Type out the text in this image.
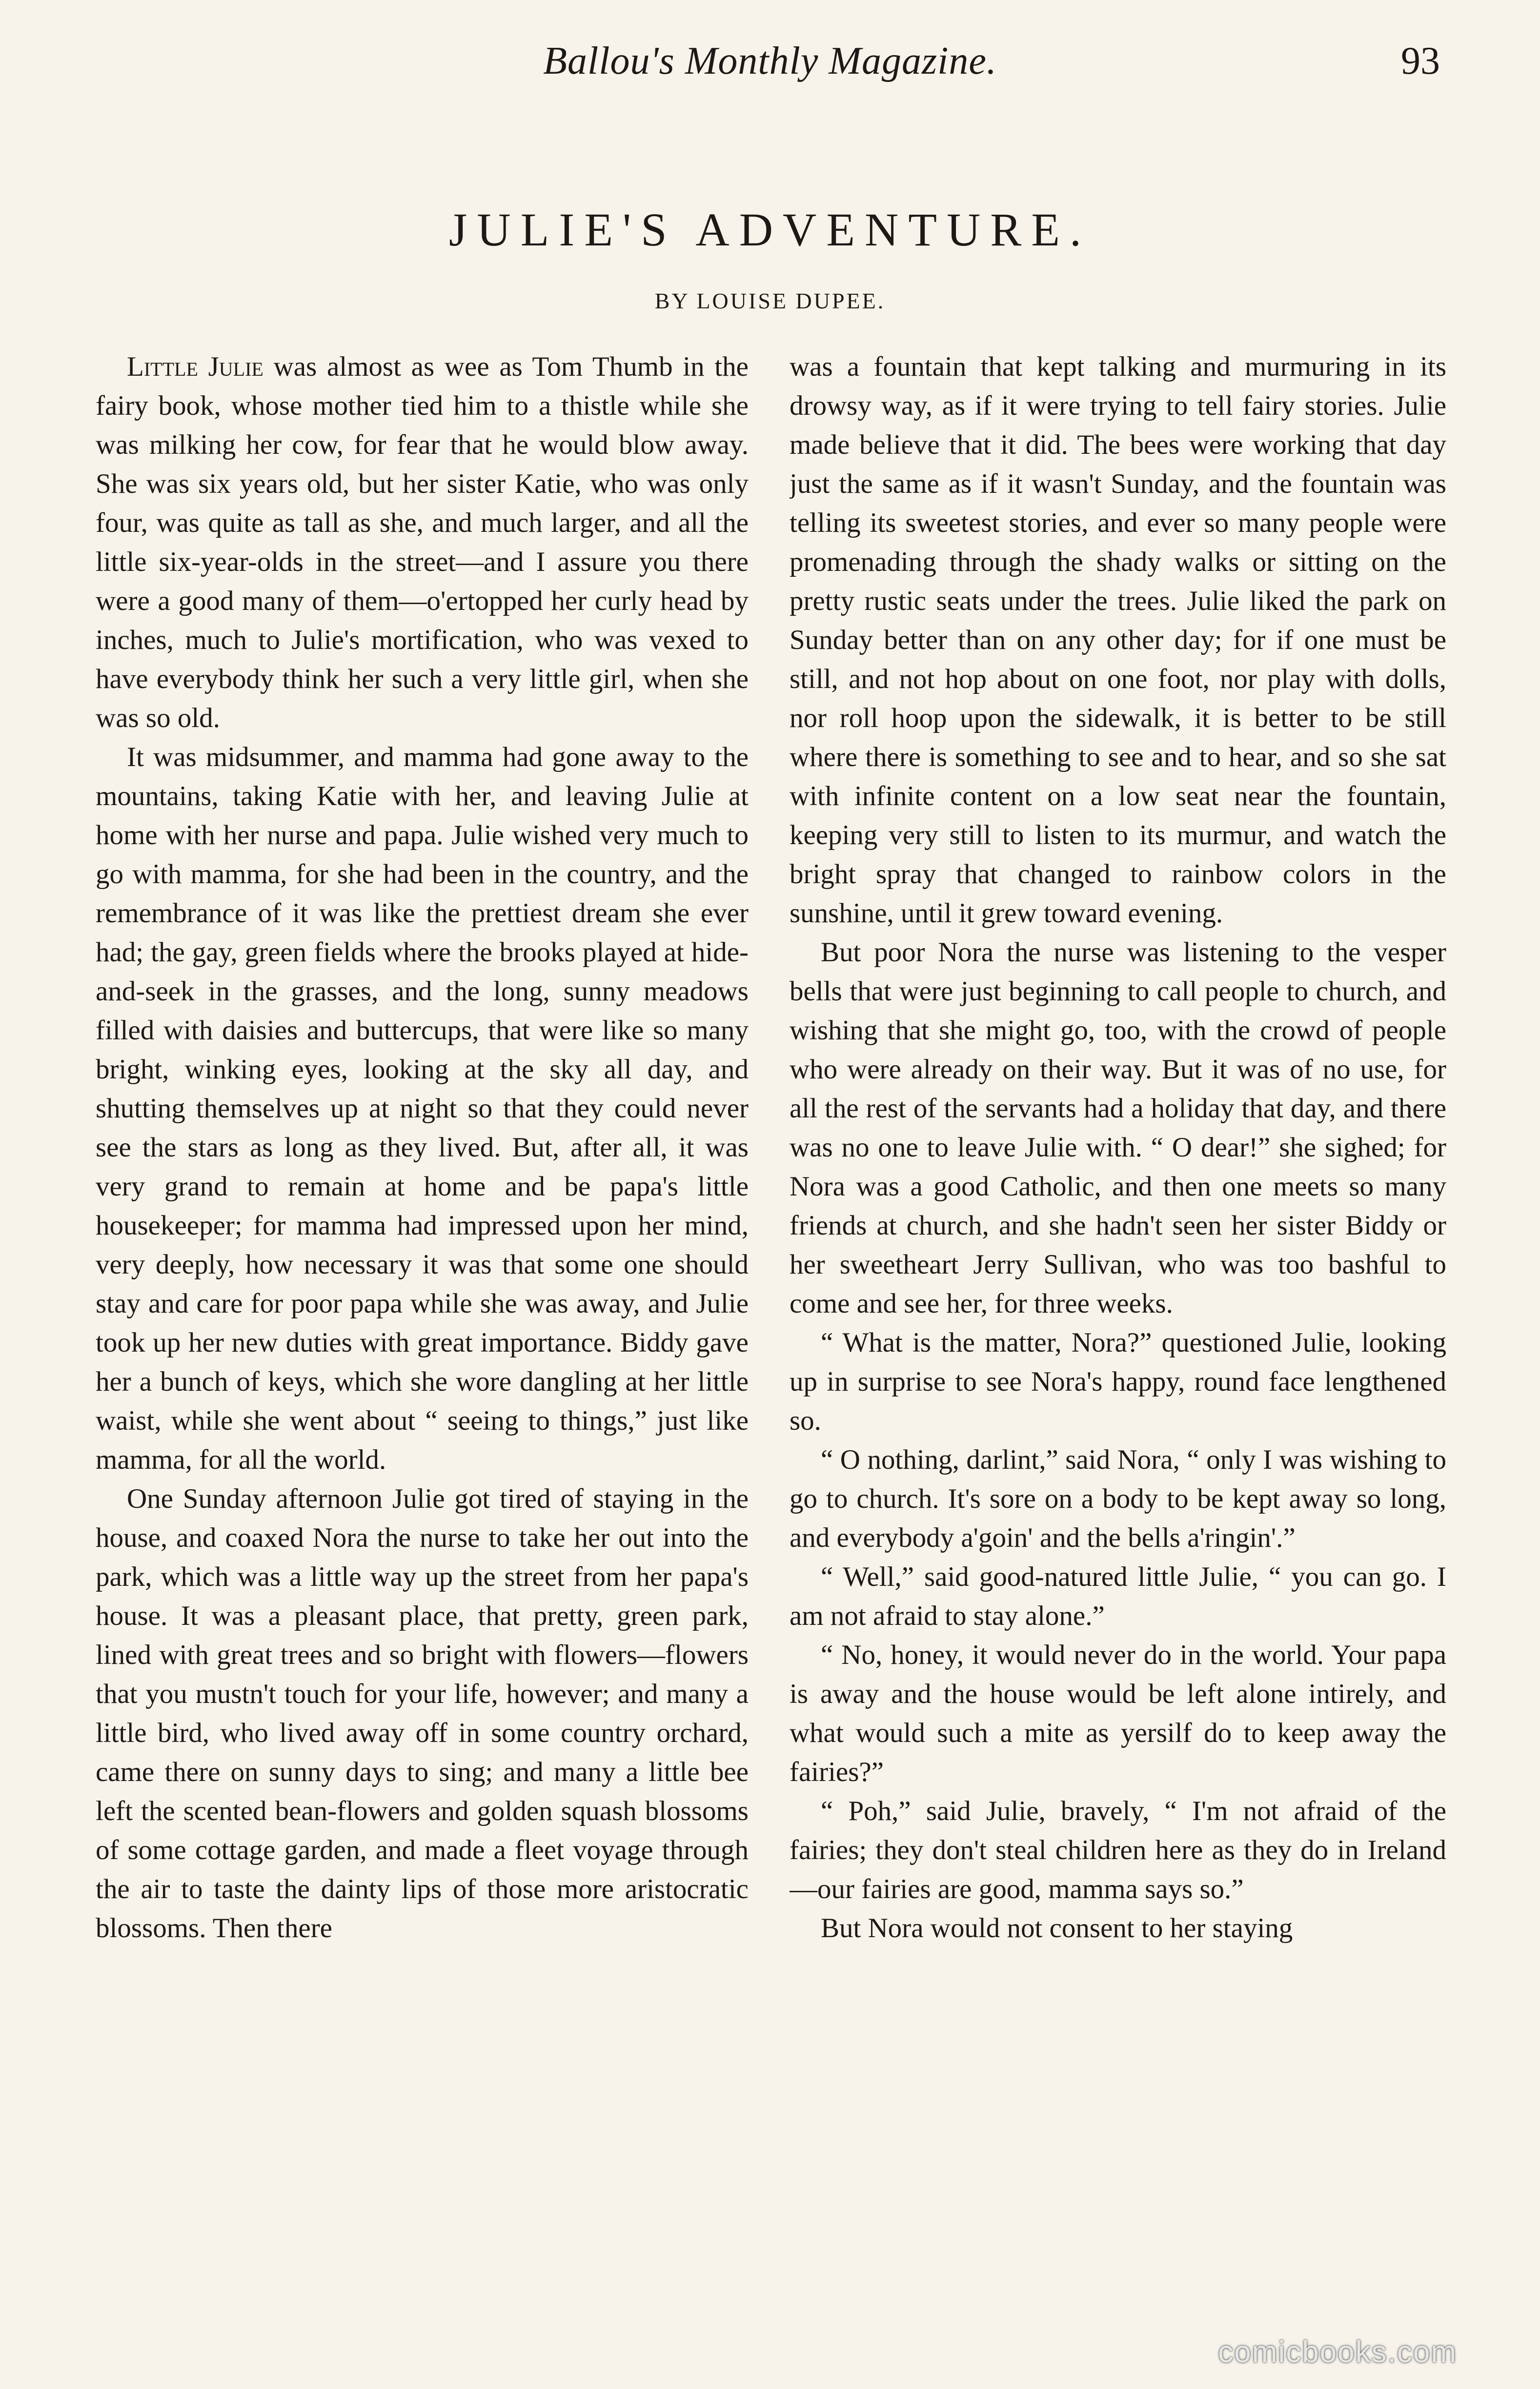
Ballou's Monthly Magazine.	93
JULIE'S ADVENTURE.
BY LOUISE DUPEE.

Little Julie was almost as wee as Tom Thumb in the fairy book, whose mother tied him to a thistle while she was milking her cow, for fear that he would blow away. She was six years old, but her sister Katie, who was only four, was quite as tall as she, and much larger, and all the little six-year-olds in the street—and I assure you there were a good many of them—o'ertopped her curly head by inches, much to Julie's mortification, who was vexed to have everybody think her such a very little girl, when she was so old.

It was midsummer, and mamma had gone away to the mountains, taking Katie with her, and leaving Julie at home with her nurse and papa. Julie wished very much to go with mamma, for she had been in the country, and the remembrance of it was like the prettiest dream she ever had; the gay, green fields where the brooks played at hide-and-seek in the grasses, and the long, sunny meadows filled with daisies and buttercups, that were like so many bright, winking eyes, looking at the sky all day, and shutting themselves up at night so that they could never see the stars as long as they lived. But, after all, it was very grand to remain at home and be papa's little housekeeper; for mamma had impressed upon her mind, very deeply, how necessary it was that some one should stay and care for poor papa while she was away, and Julie took up her new duties with great importance. Biddy gave her a bunch of keys, which she wore dangling at her little waist, while she went about “ seeing to things,” just like mamma, for all the world.

One Sunday afternoon Julie got tired of staying in the house, and coaxed Nora the nurse to take her out into the park, which was a little way up the street from her papa's house. It was a pleasant place, that pretty, green park, lined with great trees and so bright with flowers—flowers that you mustn't touch for your life, however; and many a little bird, who lived away off in some country orchard, came there on sunny days to sing; and many a little bee left the scented bean-flowers and golden squash blossoms of some cottage garden, and made a fleet voyage through the air to taste the dainty lips of those more aristocratic blossoms. Then there

was a fountain that kept talking and murmuring in its drowsy way, as if it were trying to tell fairy stories. Julie made believe that it did. The bees were working that day just the same as if it wasn't Sunday, and the fountain was telling its sweetest stories, and ever so many people were promenading through the shady walks or sitting on the pretty rustic seats under the trees. Julie liked the park on Sunday better than on any other day; for if one must be still, and not hop about on one foot, nor play with dolls, nor roll hoop upon the sidewalk, it is better to be still where there is something to see and to hear, and so she sat with infinite content on a low seat near the fountain, keeping very still to listen to its murmur, and watch the bright spray that changed to rainbow colors in the sunshine, until it grew toward evening.

But poor Nora the nurse was listening to the vesper bells that were just beginning to call people to church, and wishing that she might go, too, with the crowd of people who were already on their way. But it was of no use, for all the rest of the servants had a holiday that day, and there was no one to leave Julie with. “ O dear!” she sighed; for Nora was a good Catholic, and then one meets so many friends at church, and she hadn't seen her sister Biddy or her sweetheart Jerry Sullivan, who was too bashful to come and see her, for three weeks.

“ What is the matter, Nora?” questioned Julie, looking up in surprise to see Nora's happy, round face lengthened so.

“ O nothing, darlint,” said Nora, “ only I was wishing to go to church. It's sore on a body to be kept away so long, and everybody a'goin' and the bells a'ringin'.”

“ Well,” said good-natured little Julie, “ you can go. I am not afraid to stay alone.”

“ No, honey, it would never do in the world. Your papa is away and the house would be left alone intirely, and what would such a mite as yersilf do to keep away the fairies?”

“ Poh,” said Julie, bravely, “ I'm not afraid of the fairies; they don't steal children here as they do in Ireland—our fairies are good, mamma says so.”

But Nora would not consent to her staying

comicbooks.com
